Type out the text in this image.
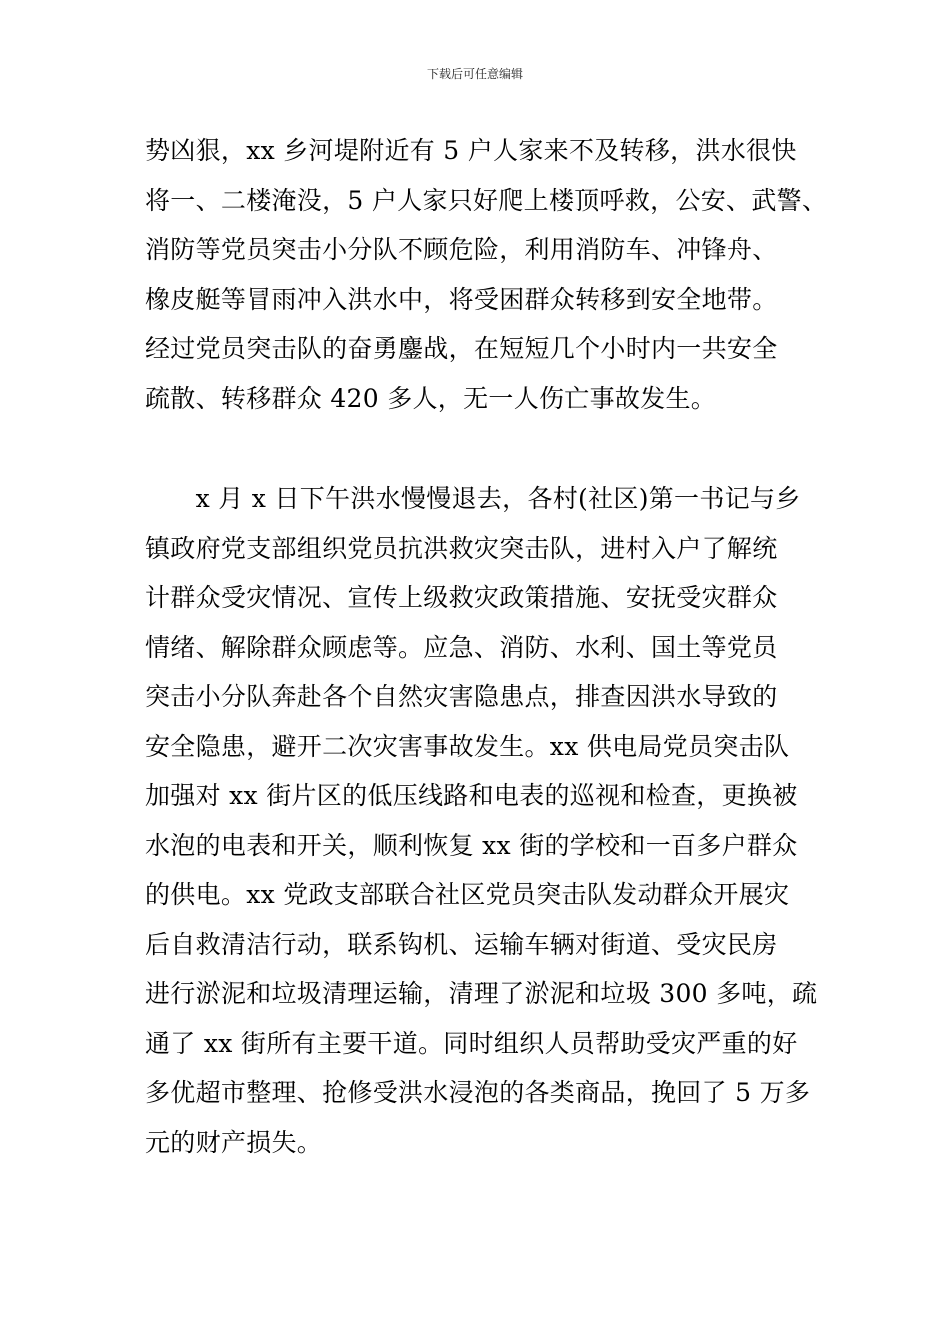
下载后可任意编辑

势凶狠，xx 乡河堤附近有 5 户人家来不及转移，洪水很快
将一、二楼淹没，5 户人家只好爬上楼顶呼救，公安、武警、
消防等党员突击小分队不顾危险，利用消防车、冲锋舟、
橡皮艇等冒雨冲入洪水中，将受困群众转移到安全地带。
经过党员突击队的奋勇鏖战，在短短几个小时内一共安全
疏散、转移群众 420 多人，无一人伤亡事故发生。

　　x 月 x 日下午洪水慢慢退去，各村(社区)第一书记与乡
镇政府党支部组织党员抗洪救灾突击队，进村入户了解统
计群众受灾情况、宣传上级救灾政策措施、安抚受灾群众
情绪、解除群众顾虑等。应急、消防、水利、国土等党员
突击小分队奔赴各个自然灾害隐患点，排查因洪水导致的
安全隐患，避开二次灾害事故发生。xx 供电局党员突击队
加强对 xx 街片区的低压线路和电表的巡视和检查，更换被
水泡的电表和开关，顺利恢复 xx 街的学校和一百多户群众
的供电。xx 党政支部联合社区党员突击队发动群众开展灾
后自救清洁行动，联系钩机、运输车辆对街道、受灾民房
进行淤泥和垃圾清理运输，清理了淤泥和垃圾 300 多吨，疏
通了 xx 街所有主要干道。同时组织人员帮助受灾严重的好
多优超市整理、抢修受洪水浸泡的各类商品，挽回了 5 万多
元的财产损失。
